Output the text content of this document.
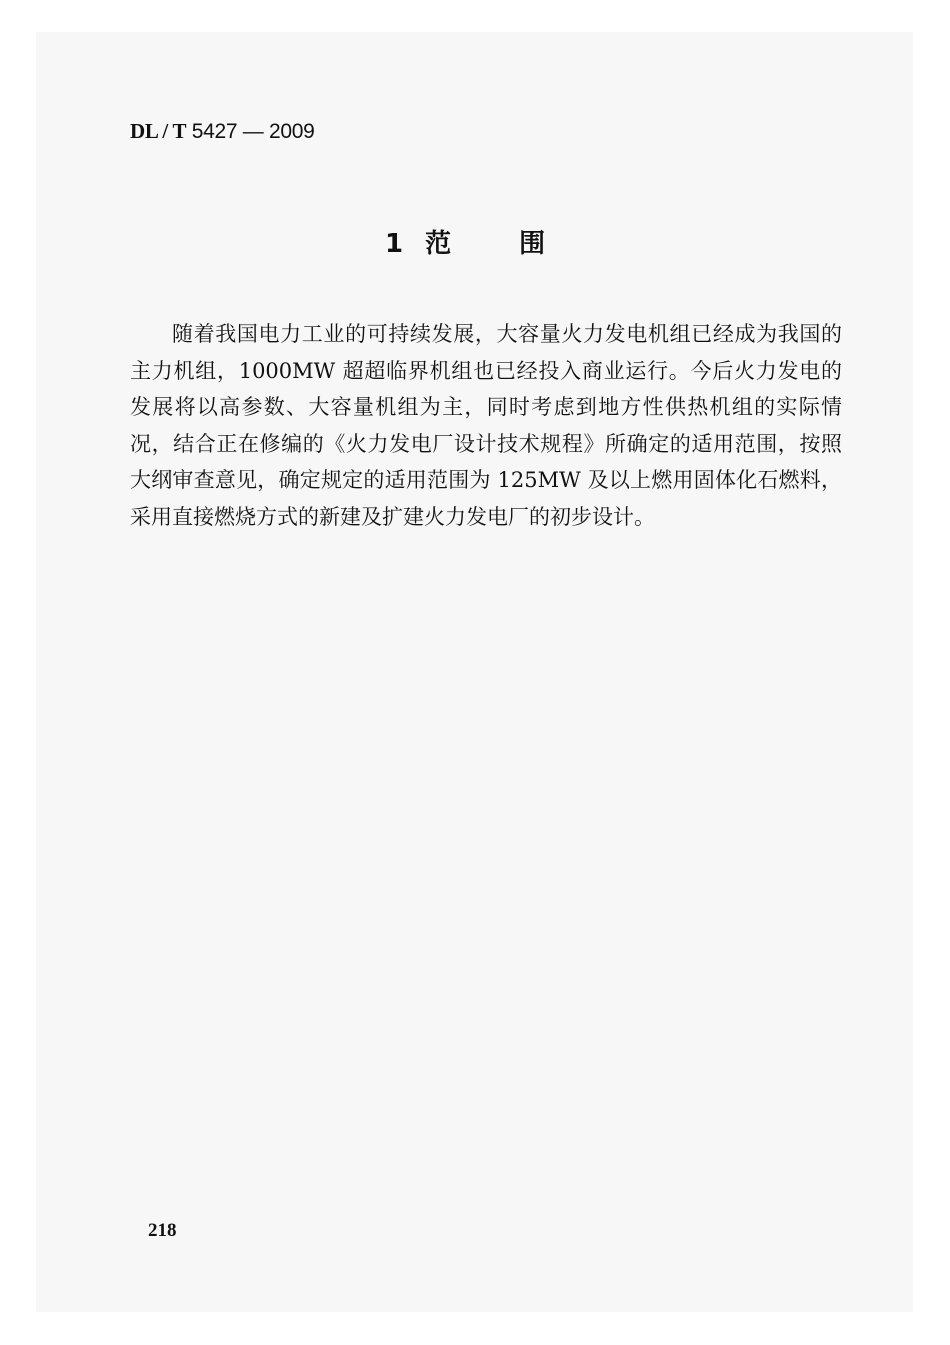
DL / T 5427 — 2009
1 范	围

随着我国电力工业的可持续发展，大容量火力发电机组已经成为我国的主力机组，1000MW 超超临界机组也已经投入商业运行。今后火力发电的发展将以高参数、大容量机组为主，同时考虑到地方性供热机组的实际情况，结合正在修编的《火力发电厂设计技术规程》所确定的适用范围，按照大纲审查意见，确定规定的适用范围为 125MW 及以上燃用固体化石燃料，采用直接燃烧方式的新建及扩建火力发电厂的初步设计。

218
